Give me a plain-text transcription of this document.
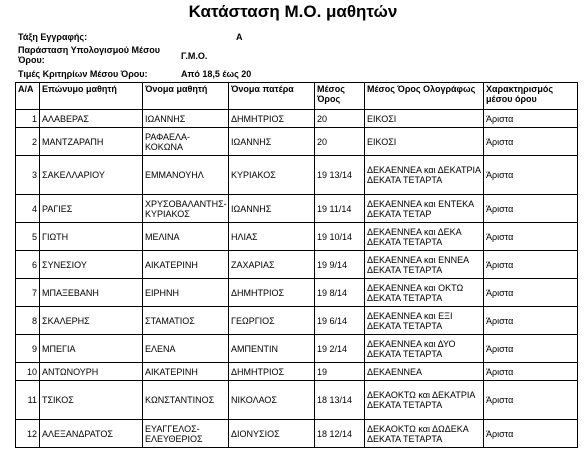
Κατάσταση Μ.Ο. μαθητών
Τάξη Εγγραφής:	Α
Παράσταση Υπολογισμού Μέσου Όρου:	Γ.Μ.Ο.
Τιμές Κριτηρίων Μέσου Όρου:	Από 18,5 έως 20
Α/Α	Επώνυμο μαθητή	Όνομα μαθητή	Όνομα πατέρα	Μέσος Όρος	Μέσος Όρος Ολογράφως	Χαρακτηρισμός μέσου όρου
1	ΑΛΑΒΕΡΑΣ	ΙΩΑΝΝΗΣ	ΔΗΜΗΤΡΙΟΣ	20	ΕΙΚΟΣΙ	Άριστα
2	ΜΑΝΤΖΑΡΑΠΗ	ΡΑΦΑΕΛΑ-ΚΟΚΩΝΑ	ΙΩΑΝΝΗΣ	20	ΕΙΚΟΣΙ	Άριστα
3	ΣΑΚΕΛΛΑΡΙΟΥ	ΕΜΜΑΝΟΥΗΛ	ΚΥΡΙΑΚΟΣ	19 13/14	ΔΕΚΑΕΝΝΕΑ και ΔΕΚΑΤΡΙΑ ΔΕΚΑΤΑ ΤΕΤΑΡΤΑ	Άριστα
4	ΡΑΓΙΕΣ	ΧΡΥΣΟΒΑΛΑΝΤΗΣ-ΚΥΡΙΑΚΟΣ	ΙΩΑΝΝΗΣ	19 11/14	ΔΕΚΑΕΝΝΕΑ και ΕΝΤΕΚΑ ΔΕΚΑΤΑ ΤΕΤΑΡ	Άριστα
5	ΓΙΩΤΗ	ΜΕΛΙΝΑ	ΗΛΙΑΣ	19 10/14	ΔΕΚΑΕΝΝΕΑ και ΔΕΚΑ ΔΕΚΑΤΑ ΤΕΤΑΡΤΑ	Άριστα
6	ΣΥΝΕΣΙΟΥ	ΑΙΚΑΤΕΡΙΝΗ	ΖΑΧΑΡΙΑΣ	19 9/14	ΔΕΚΑΕΝΝΕΑ και ΕΝΝΕΑ ΔΕΚΑΤΑ ΤΕΤΑΡΤΑ	Άριστα
7	ΜΠΑΞΕΒΑΝΗ	ΕΙΡΗΝΗ	ΔΗΜΗΤΡΙΟΣ	19 8/14	ΔΕΚΑΕΝΝΕΑ και ΟΚΤΩ ΔΕΚΑΤΑ ΤΕΤΑΡΤΑ	Άριστα
8	ΣΚΑΛΕΡΗΣ	ΣΤΑΜΑΤΙΟΣ	ΓΕΩΡΓΙΟΣ	19 6/14	ΔΕΚΑΕΝΝΕΑ και ΕΞΙ ΔΕΚΑΤΑ ΤΕΤΑΡΤΑ	Άριστα
9	ΜΠΕΓΙΑ	ΕΛΕΝΑ	ΑΜΠΕΝΤΙΝ	19 2/14	ΔΕΚΑΕΝΝΕΑ και ΔΥΟ ΔΕΚΑΤΑ ΤΕΤΑΡΤΑ	Άριστα
10	ΑΝΤΩΝΟΥΡΗ	ΑΙΚΑΤΕΡΙΝΗ	ΔΗΜΗΤΡΙΟΣ	19	ΔΕΚΑΕΝΝΕΑ	Άριστα
11	ΤΣΙΚΟΣ	ΚΩΝΣΤΑΝΤΙΝΟΣ	ΝΙΚΟΛΑΟΣ	18 13/14	ΔΕΚΑΟΚΤΩ και ΔΕΚΑΤΡΙΑ ΔΕΚΑΤΑ ΤΕΤΑΡΤΑ	Άριστα
12	ΑΛΕΞΑΝΔΡΑΤΟΣ	ΕΥΑΓΓΕΛΟΣ-ΕΛΕΥΘΕΡΙΟΣ	ΔΙΟΝΥΣΙΟΣ	18 12/14	ΔΕΚΑΟΚΤΩ και ΔΩΔΕΚΑ ΔΕΚΑΤΑ ΤΕΤΑΡΤΑ	Άριστα
